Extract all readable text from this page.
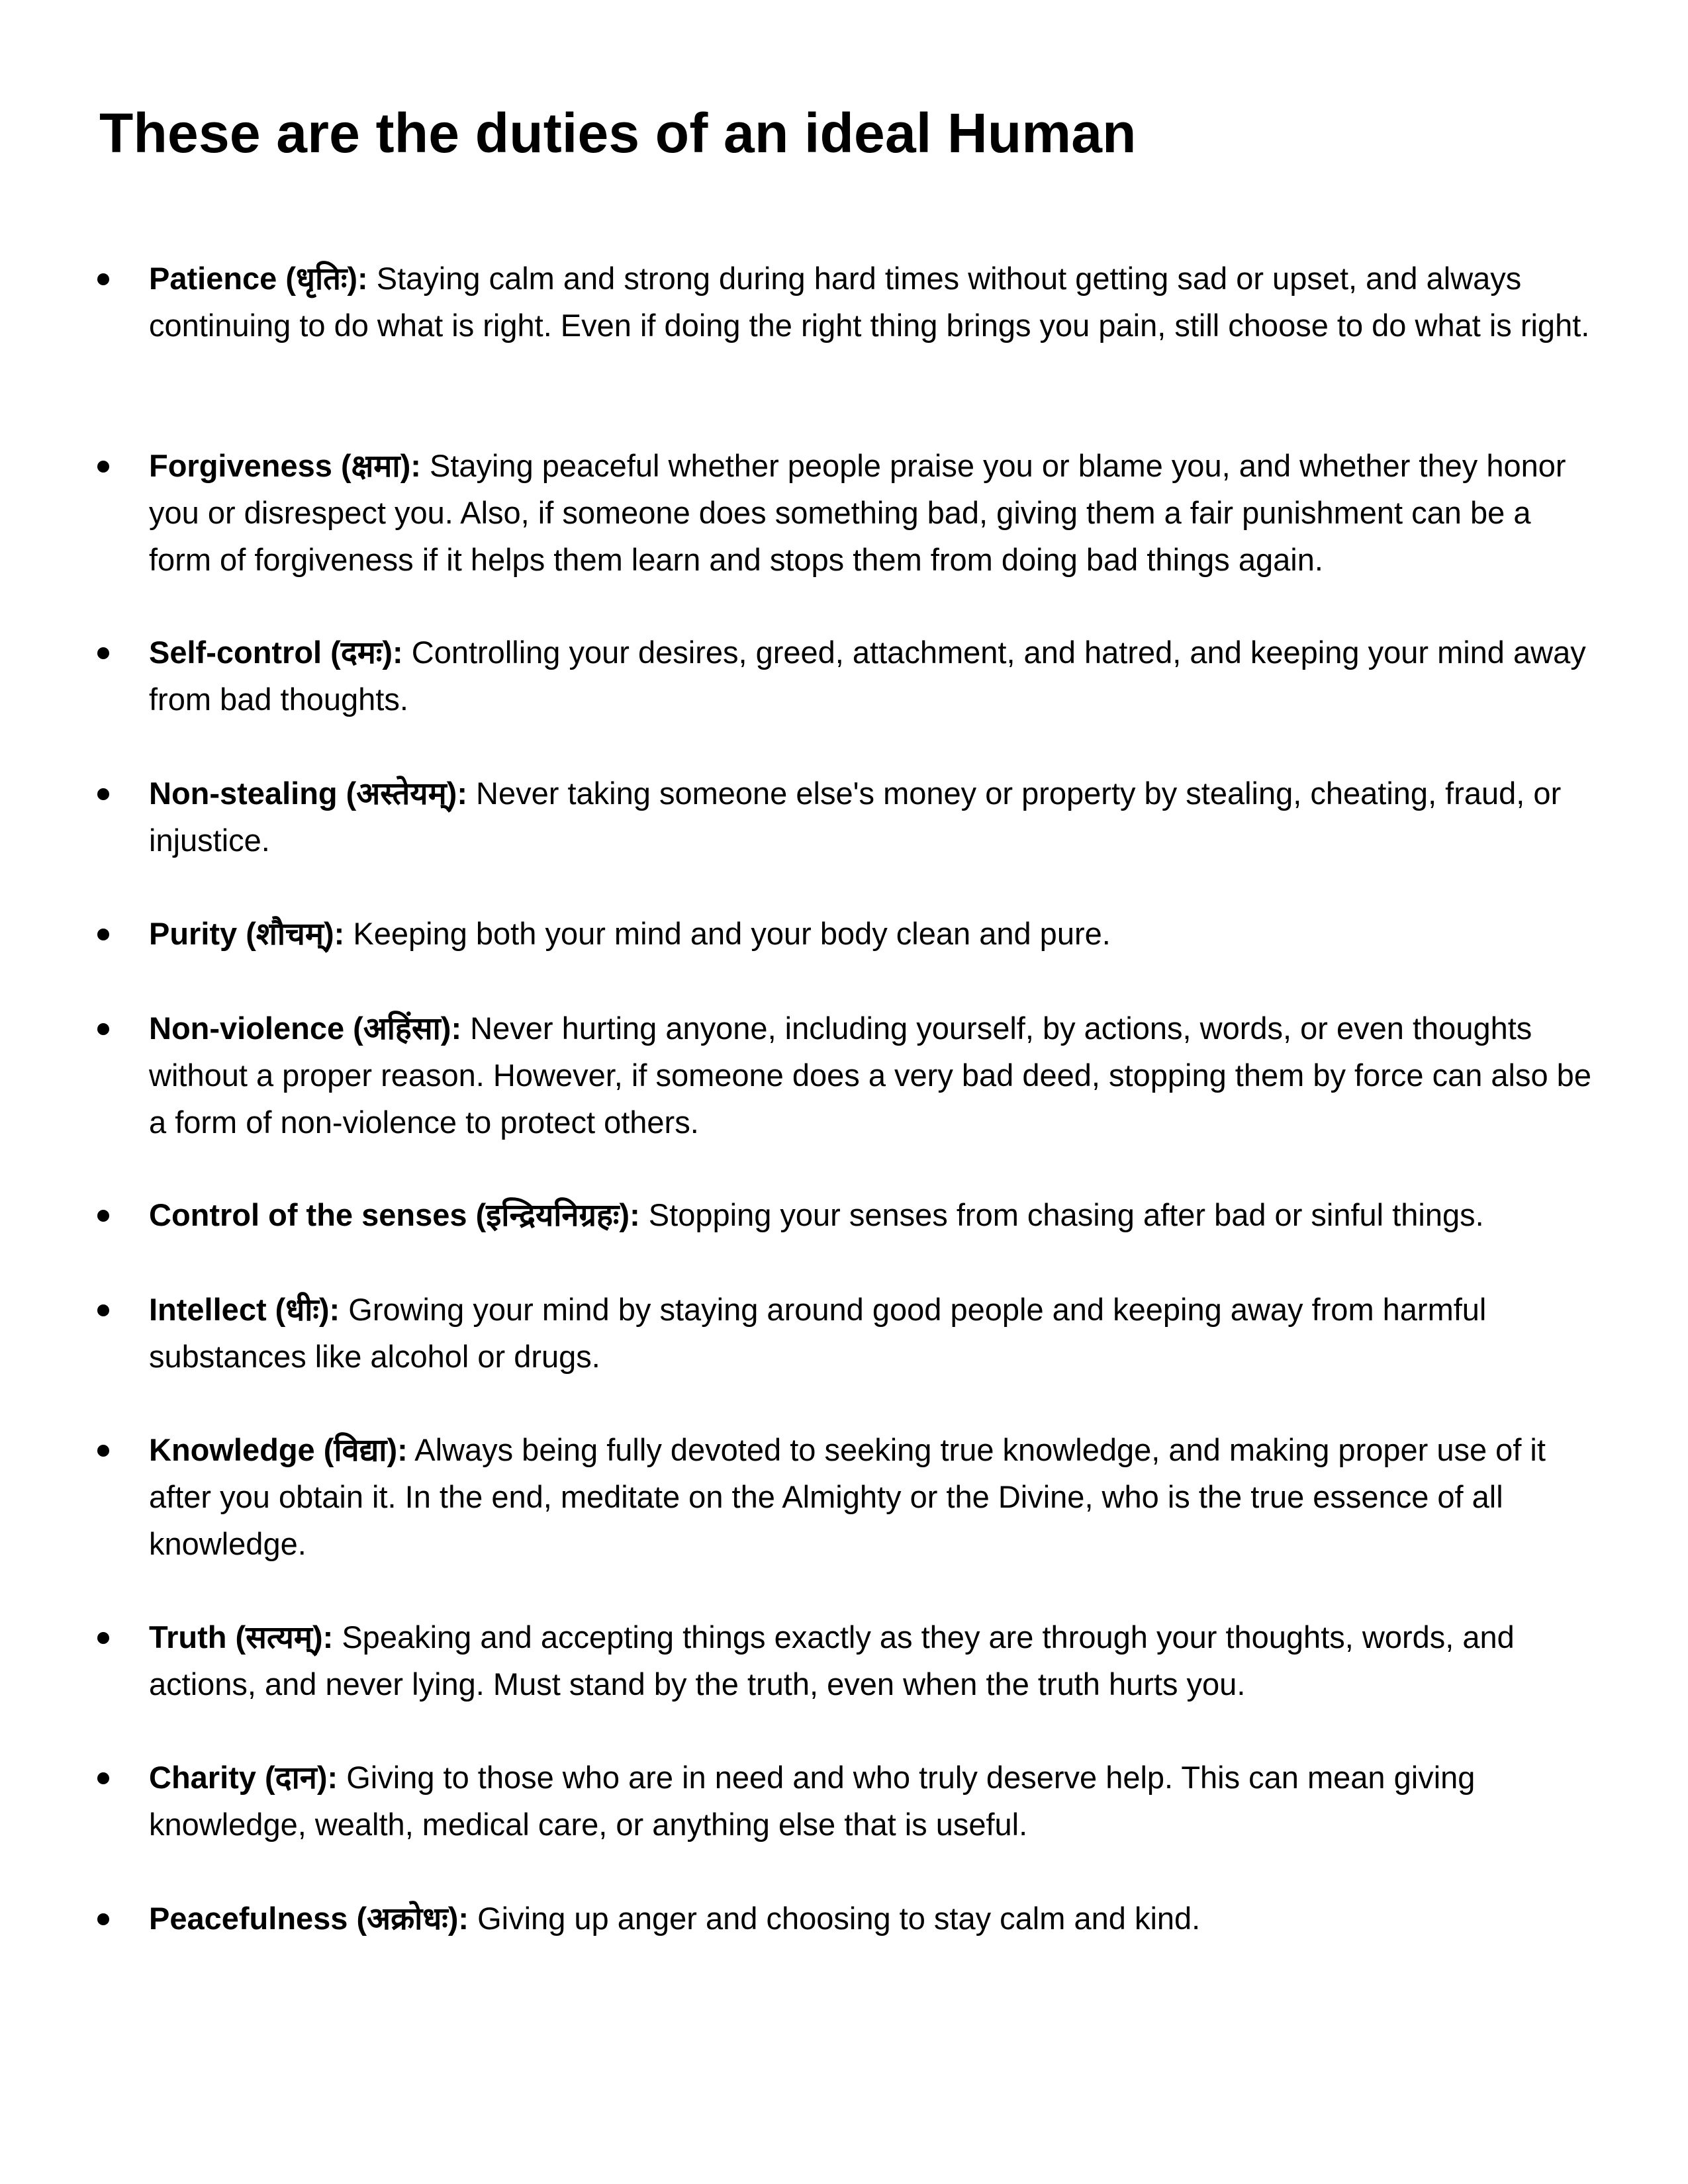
These are the duties of an ideal Human

Patience (धृतिः): Staying calm and strong during hard times without getting sad or upset, and always continuing to do what is right. Even if doing the right thing brings you pain, still choose to do what is right.

Forgiveness (क्षमा): Staying peaceful whether people praise you or blame you, and whether they honor you or disrespect you. Also, if someone does something bad, giving them a fair punishment can be a form of forgiveness if it helps them learn and stops them from doing bad things again.

Self-control (दमः): Controlling your desires, greed, attachment, and hatred, and keeping your mind away from bad thoughts.

Non-stealing (अस्तेयम्): Never taking someone else's money or property by stealing, cheating, fraud, or injustice.

Purity (शौचम्): Keeping both your mind and your body clean and pure.

Non-violence (अहिंसा): Never hurting anyone, including yourself, by actions, words, or even thoughts without a proper reason. However, if someone does a very bad deed, stopping them by force can also be a form of non-violence to protect others.

Control of the senses (इन्द्रियनिग्रहः): Stopping your senses from chasing after bad or sinful things.

Intellect (धीः): Growing your mind by staying around good people and keeping away from harmful substances like alcohol or drugs.

Knowledge (विद्या): Always being fully devoted to seeking true knowledge, and making proper use of it after you obtain it. In the end, meditate on the Almighty or the Divine, who is the true essence of all knowledge.

Truth (सत्यम्): Speaking and accepting things exactly as they are through your thoughts, words, and actions, and never lying. Must stand by the truth, even when the truth hurts you.

Charity (दान): Giving to those who are in need and who truly deserve help. This can mean giving knowledge, wealth, medical care, or anything else that is useful.

Peacefulness (अक्रोधः): Giving up anger and choosing to stay calm and kind.
